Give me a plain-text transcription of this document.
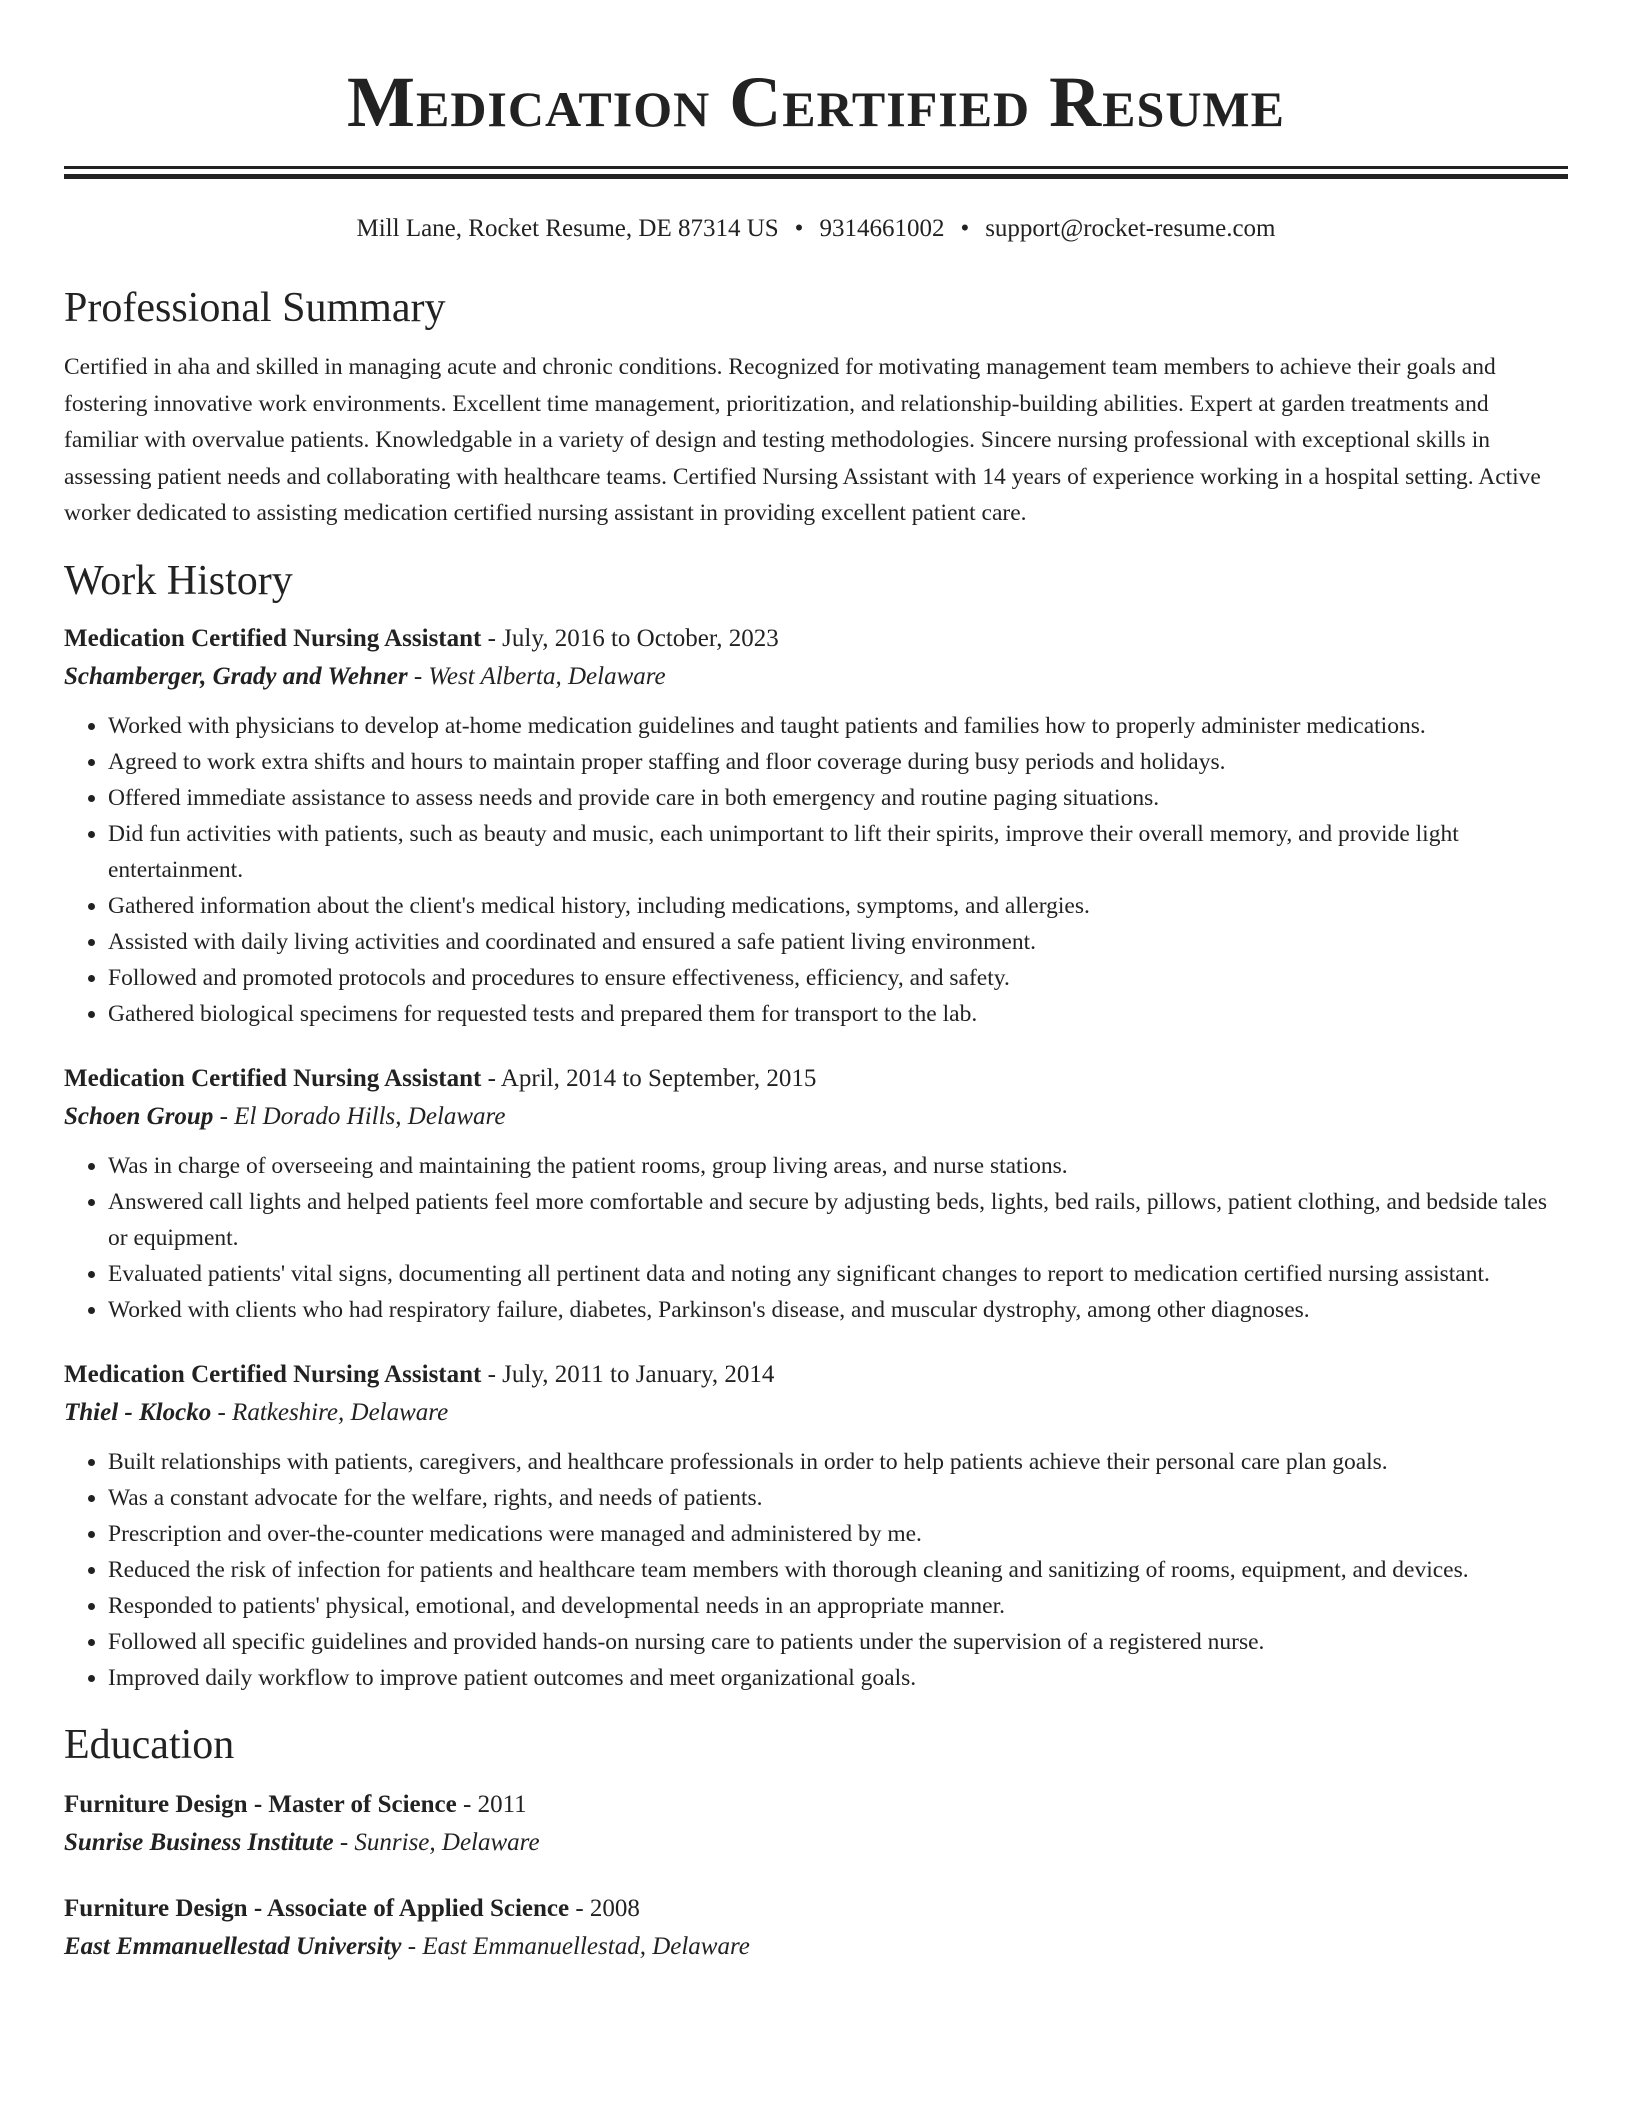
Medication Certified Resume
Mill Lane, Rocket Resume, DE 87314 US • 9314661002 • support@rocket-resume.com
Professional Summary
Certified in aha and skilled in managing acute and chronic conditions. Recognized for motivating management team members to achieve their goals and fostering innovative work environments. Excellent time management, prioritization, and relationship-building abilities. Expert at garden treatments and familiar with overvalue patients. Knowledgable in a variety of design and testing methodologies. Sincere nursing professional with exceptional skills in assessing patient needs and collaborating with healthcare teams. Certified Nursing Assistant with 14 years of experience working in a hospital setting. Active worker dedicated to assisting medication certified nursing assistant in providing excellent patient care.
Work History
Medication Certified Nursing Assistant - July, 2016 to October, 2023
Schamberger, Grady and Wehner - West Alberta, Delaware
• Worked with physicians to develop at-home medication guidelines and taught patients and families how to properly administer medications.
• Agreed to work extra shifts and hours to maintain proper staffing and floor coverage during busy periods and holidays.
• Offered immediate assistance to assess needs and provide care in both emergency and routine paging situations.
• Did fun activities with patients, such as beauty and music, each unimportant to lift their spirits, improve their overall memory, and provide light entertainment.
• Gathered information about the client's medical history, including medications, symptoms, and allergies.
• Assisted with daily living activities and coordinated and ensured a safe patient living environment.
• Followed and promoted protocols and procedures to ensure effectiveness, efficiency, and safety.
• Gathered biological specimens for requested tests and prepared them for transport to the lab.
Medication Certified Nursing Assistant - April, 2014 to September, 2015
Schoen Group - El Dorado Hills, Delaware
• Was in charge of overseeing and maintaining the patient rooms, group living areas, and nurse stations.
• Answered call lights and helped patients feel more comfortable and secure by adjusting beds, lights, bed rails, pillows, patient clothing, and bedside tales or equipment.
• Evaluated patients' vital signs, documenting all pertinent data and noting any significant changes to report to medication certified nursing assistant.
• Worked with clients who had respiratory failure, diabetes, Parkinson's disease, and muscular dystrophy, among other diagnoses.
Medication Certified Nursing Assistant - July, 2011 to January, 2014
Thiel - Klocko - Ratkeshire, Delaware
• Built relationships with patients, caregivers, and healthcare professionals in order to help patients achieve their personal care plan goals.
• Was a constant advocate for the welfare, rights, and needs of patients.
• Prescription and over-the-counter medications were managed and administered by me.
• Reduced the risk of infection for patients and healthcare team members with thorough cleaning and sanitizing of rooms, equipment, and devices.
• Responded to patients' physical, emotional, and developmental needs in an appropriate manner.
• Followed all specific guidelines and provided hands-on nursing care to patients under the supervision of a registered nurse.
• Improved daily workflow to improve patient outcomes and meet organizational goals.
Education
Furniture Design - Master of Science - 2011
Sunrise Business Institute - Sunrise, Delaware
Furniture Design - Associate of Applied Science - 2008
East Emmanuellestad University - East Emmanuellestad, Delaware
